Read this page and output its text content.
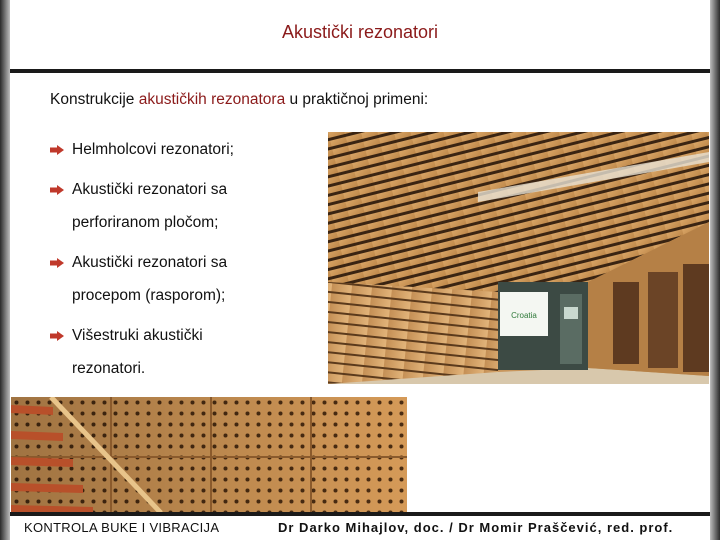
Akustički rezonatori
Konstrukcije akustičkih rezonatora u praktičnoj primeni:
Helmholcovi rezonatori;
Akustički rezonatori sa
perforiranom pločom;
Akustički rezonatori sa
procepom (rasporom);
Višestruki akustički
rezonatori.
Croatia
KONTROLA BUKE I VIBRACIJA	Dr Darko Mihajlov, doc. / Dr Momir Praščević, red. prof.
